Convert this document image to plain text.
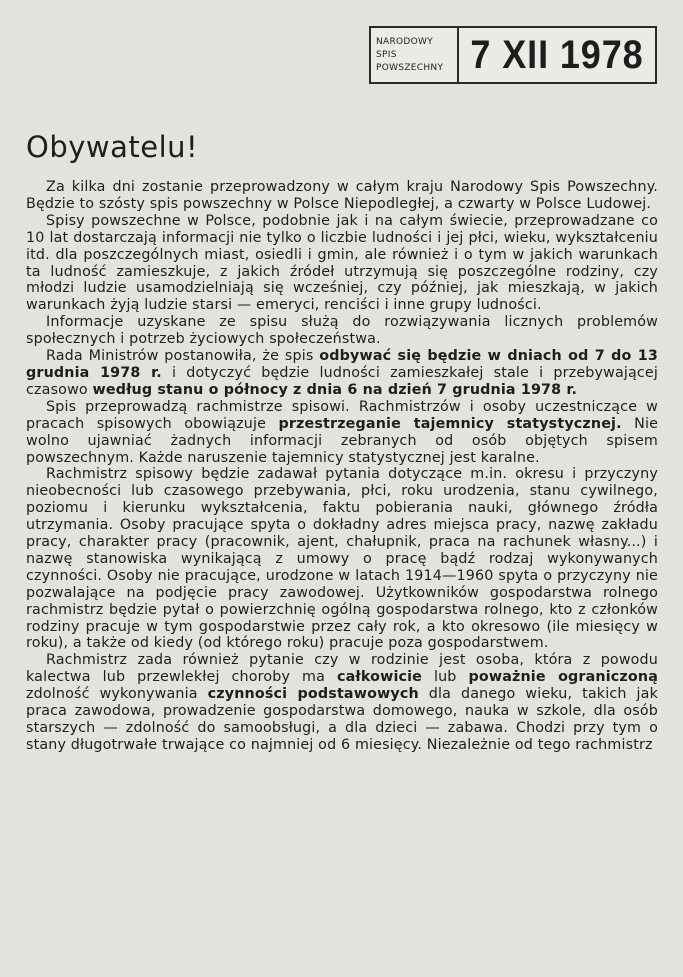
NARODOWY
SPIS
POWSZECHNY 7 XII 1978
Obywatelu!

Za kilka dni zostanie przeprowadzony w całym kraju Narodowy Spis Powszechny. Będzie to szósty spis powszechny w Polsce Niepodległej, a czwarty w Polsce Ludowej.

Spisy powszechne w Polsce, podobnie jak i na całym świecie, przeprowadzane co 10 lat dostarczają informacji nie tylko o liczbie ludności i jej płci, wieku, wykształceniu itd. dla poszczególnych miast, osiedli i gmin, ale również i o tym w jakich warunkach ta ludność zamieszkuje, z jakich źródeł utrzymują się poszczególne rodziny, czy młodzi ludzie usamodzielniają się wcześniej, czy później, jak mieszkają, w jakich warunkach żyją ludzie starsi — emeryci, renciści i inne grupy ludności.

Informacje uzyskane ze spisu służą do rozwiązywania licznych problemów społecznych i potrzeb życiowych społeczeństwa.

Rada Ministrów postanowiła, że spis odbywać się będzie w dniach od 7 do 13 grudnia 1978 r. i dotyczyć będzie ludności zamieszkałej stale i przebywającej czasowo według stanu o północy z dnia 6 na dzień 7 grudnia 1978 r.

Spis przeprowadzą rachmistrze spisowi. Rachmistrzów i osoby uczestniczące w pracach spisowych obowiązuje przestrzeganie tajemnicy statystycznej. Nie wolno ujawniać żadnych informacji zebranych od osób objętych spisem powszechnym. Każde naruszenie tajemnicy statystycznej jest karalne.

Rachmistrz spisowy będzie zadawał pytania dotyczące m.in. okresu i przyczyny nieobecności lub czasowego przebywania, płci, roku urodzenia, stanu cywilnego, poziomu i kierunku wykształcenia, faktu pobierania nauki, głównego źródła utrzymania. Osoby pracujące spyta o dokładny adres miejsca pracy, nazwę zakładu pracy, charakter pracy (pracownik, ajent, chałupnik, praca na rachunek własny...) i nazwę stanowiska wynikającą z umowy o pracę bądź rodzaj wykonywanych czynności. Osoby nie pracujące, urodzone w latach 1914—1960 spyta o przyczyny nie pozwalające na podjęcie pracy zawodowej. Użytkowników gospodarstwa rolnego rachmistrz będzie pytał o powierzchnię ogólną gospodarstwa rolnego, kto z członków rodziny pracuje w tym gospodarstwie przez cały rok, a kto okresowo (ile miesięcy w roku), a także od kiedy (od którego roku) pracuje poza gospodarstwem.

Rachmistrz zada również pytanie czy w rodzinie jest osoba, która z powodu kalectwa lub przewlekłej choroby ma całkowicie lub poważnie ograniczoną zdolność wykonywania czynności podstawowych dla danego wieku, takich jak praca zawodowa, prowadzenie gospodarstwa domowego, nauka w szkole, dla osób starszych — zdolność do samoobsługi, a dla dzieci — zabawa. Chodzi przy tym o stany długotrwałe trwające co najmniej od 6 miesięcy. Niezależnie od tego rachmistrz
